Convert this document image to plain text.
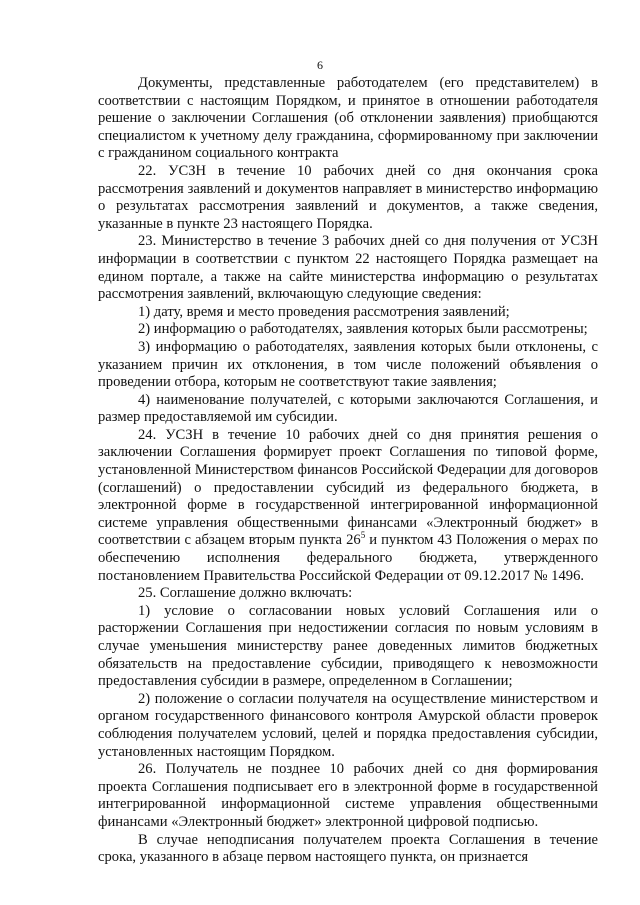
6

Документы, представленные работодателем (его представителем) в соответствии с настоящим Порядком, и принятое в отношении работодателя решение о заключении Соглашения (об отклонении заявления) приобщаются специалистом к учетному делу гражданина, сформированному при заключении с гражданином социального контракта

22. УСЗН в течение 10 рабочих дней со дня окончания срока рассмотрения заявлений и документов направляет в министерство информацию о результатах рассмотрения заявлений и документов, а также сведения, указанные в пункте 23 настоящего Порядка.

23. Министерство в течение 3 рабочих дней со дня получения от УСЗН информации в соответствии с пунктом 22 настоящего Порядка размещает на едином портале, а также на сайте министерства информацию о результатах рассмотрения заявлений, включающую следующие сведения:

1) дату, время и место проведения рассмотрения заявлений;

2) информацию о работодателях, заявления которых были рассмотрены;

3) информацию о работодателях, заявления которых были отклонены, с указанием причин их отклонения, в том числе положений объявления о проведении отбора, которым не соответствуют такие заявления;

4) наименование получателей, с которыми заключаются Соглашения, и размер предоставляемой им субсидии.

24. УСЗН в течение 10 рабочих дней со дня принятия решения о заключении Соглашения формирует проект Соглашения по типовой форме, установленной Министерством финансов Российской Федерации для договоров (соглашений) о предоставлении субсидий из федерального бюджета, в электронной форме в государственной интегрированной информационной системе управления общественными финансами «Электронный бюджет» в соответствии с абзацем вторым пункта $26^5$ и пунктом 43 Положения о мерах по обеспечению исполнения федерального бюджета, утвержденного постановлением Правительства Российской Федерации от 09.12.2017 № 1496.

25. Соглашение должно включать:

1) условие о согласовании новых условий Соглашения или о расторжении Соглашения при недостижении согласия по новым условиям в случае уменьшения министерству ранее доведенных лимитов бюджетных обязательств на предоставление субсидии, приводящего к невозможности предоставления субсидии в размере, определенном в Соглашении;

2) положение о согласии получателя на осуществление министерством и органом государственного финансового контроля Амурской области проверок соблюдения получателем условий, целей и порядка предоставления субсидии, установленных настоящим Порядком.

26. Получатель не позднее 10 рабочих дней со дня формирования проекта Соглашения подписывает его в электронной форме в государственной интегрированной информационной системе управления общественными финансами «Электронный бюджет» электронной цифровой подписью.

В случае неподписания получателем проекта Соглашения в течение срока, указанного в абзаце первом настоящего пункта, он признается
